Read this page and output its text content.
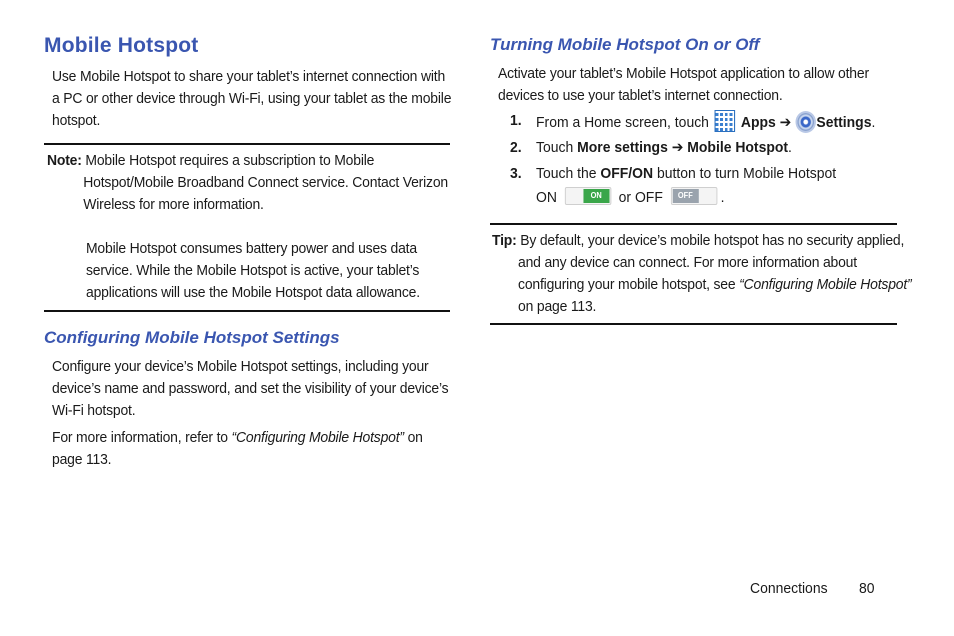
Mobile Hotspot

Use Mobile Hotspot to share your tablet’s internet connection with a PC or other device through Wi-Fi, using your tablet as the mobile hotspot.

Note: Mobile Hotspot requires a subscription to Mobile Hotspot/Mobile Broadband Connect service. Contact Verizon Wireless for more information.

Mobile Hotspot consumes battery power and uses data service. While the Mobile Hotspot is active, your tablet’s applications will use the Mobile Hotspot data allowance.

Configuring Mobile Hotspot Settings

Configure your device’s Mobile Hotspot settings, including your device’s name and password, and set the visibility of your device’s Wi-Fi hotspot.

For more information, refer to “Configuring Mobile Hotspot” on page 113.

Turning Mobile Hotspot On or Off

Activate your tablet’s Mobile Hotspot application to allow other devices to use your tablet’s internet connection.

1. From a Home screen, touch Apps ➔ Settings.
2. Touch More settings ➔ Mobile Hotspot.
3. Touch the OFF/ON button to turn Mobile Hotspot
ON	ON	or OFF	OFF	.

Tip: By default, your device’s mobile hotspot has no security applied, and any device can connect. For more information about configuring your mobile hotspot, see “Configuring Mobile Hotspot” on page 113.

Connections 80
